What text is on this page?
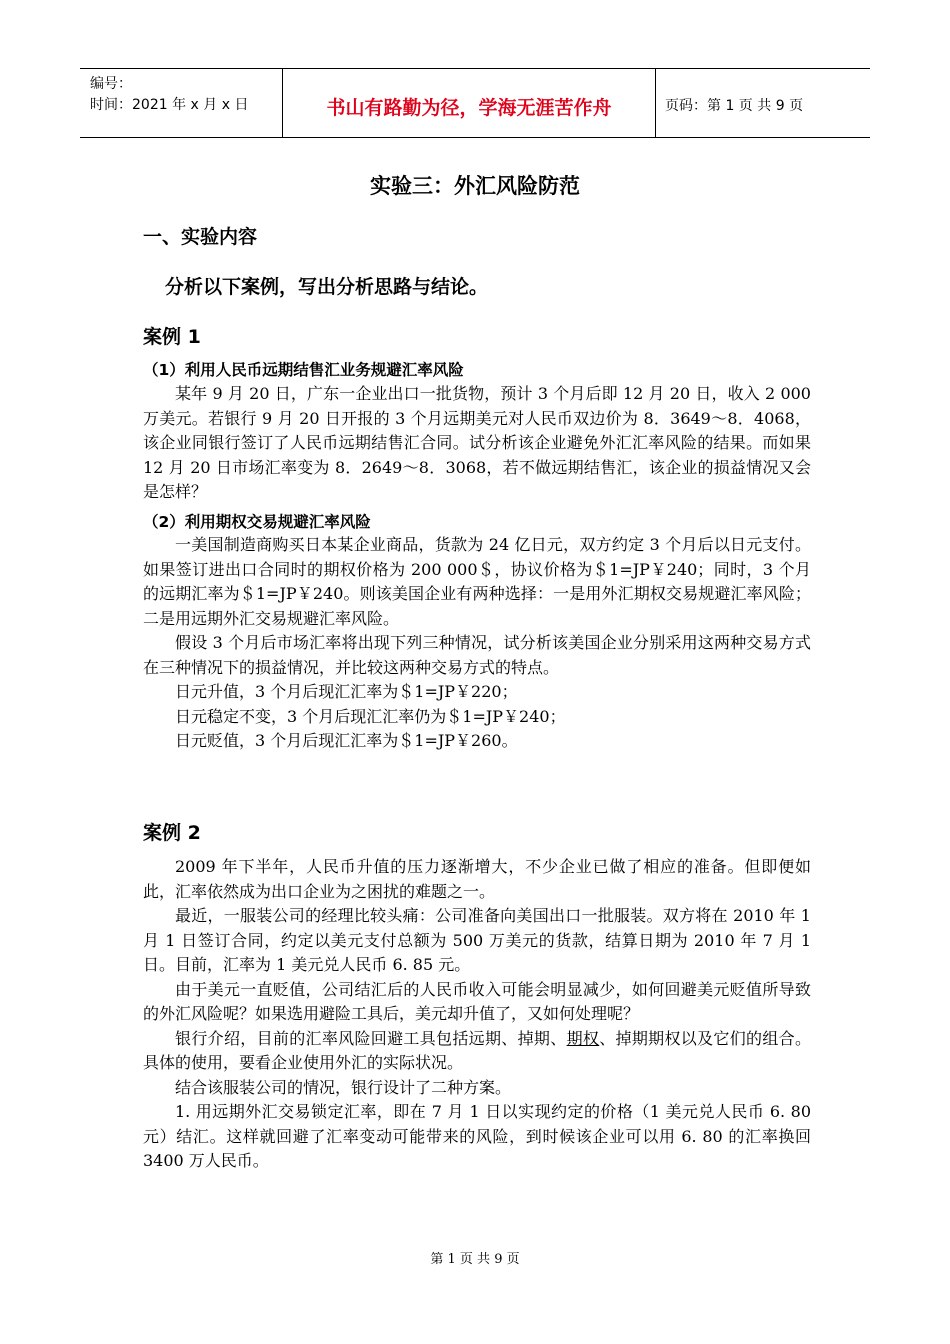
编号：
时间：2021 年 x 月 x 日	书山有路勤为径，学海无涯苦作舟	页码：第 1 页 共 9 页
实验三：外汇风险防范
一、实验内容
分析以下案例，写出分析思路与结论。
案例 1
（1）利用人民币远期结售汇业务规避汇率风险

某年 9 月 20 日，广东一企业出口一批货物，预计 3 个月后即 12 月 20 日，收入 2 000 万美元。若银行 9 月 20 日开报的 3 个月远期美元对人民币双边价为 8．3649～8．4068，该企业同银行签订了人民币远期结售汇合同。试分析该企业避免外汇汇率风险的结果。而如果 12 月 20 日市场汇率变为 8．2649～8．3068，若不做远期结售汇，该企业的损益情况又会是怎样？

（2）利用期权交易规避汇率风险

一美国制造商购买日本某企业商品，货款为 24 亿日元，双方约定 3 个月后以日元支付。如果签订进出口合同时的期权价格为 200 000＄，协议价格为＄1=JP￥240；同时，3 个月的远期汇率为＄1=JP￥240。则该美国企业有两种选择：一是用外汇期权交易规避汇率风险；二是用远期外汇交易规避汇率风险。

假设 3 个月后市场汇率将出现下列三种情况，试分析该美国企业分别采用这两种交易方式在三种情况下的损益情况，并比较这两种交易方式的特点。

日元升值，3 个月后现汇汇率为＄1=JP￥220；

日元稳定不变，3 个月后现汇汇率仍为＄1=JP￥240；

日元贬值，3 个月后现汇汇率为＄1=JP￥260。

案例 2

2009 年下半年，人民币升值的压力逐渐增大，不少企业已做了相应的准备。但即便如此，汇率依然成为出口企业为之困扰的难题之一。

最近，一服装公司的经理比较头痛：公司准备向美国出口一批服装。双方将在 2010 年 1 月 1 日签订合同，约定以美元支付总额为 500 万美元的货款，结算日期为 2010 年 7 月 1 日。目前，汇率为 1 美元兑人民币 6. 85 元。

由于美元一直贬值，公司结汇后的人民币收入可能会明显减少，如何回避美元贬值所导致的外汇风险呢？如果选用避险工具后，美元却升值了，又如何处理呢？

银行介绍，目前的汇率风险回避工具包括远期、掉期、期权、掉期期权以及它们的组合。具体的使用，要看企业使用外汇的实际状况。

结合该服装公司的情况，银行设计了二种方案。

1. 用远期外汇交易锁定汇率，即在 7 月 1 日以实现约定的价格（1 美元兑人民币 6. 80 元）结汇。这样就回避了汇率变动可能带来的风险，到时候该企业可以用 6. 80 的汇率换回 3400 万人民币。

第 1 页 共 9 页
